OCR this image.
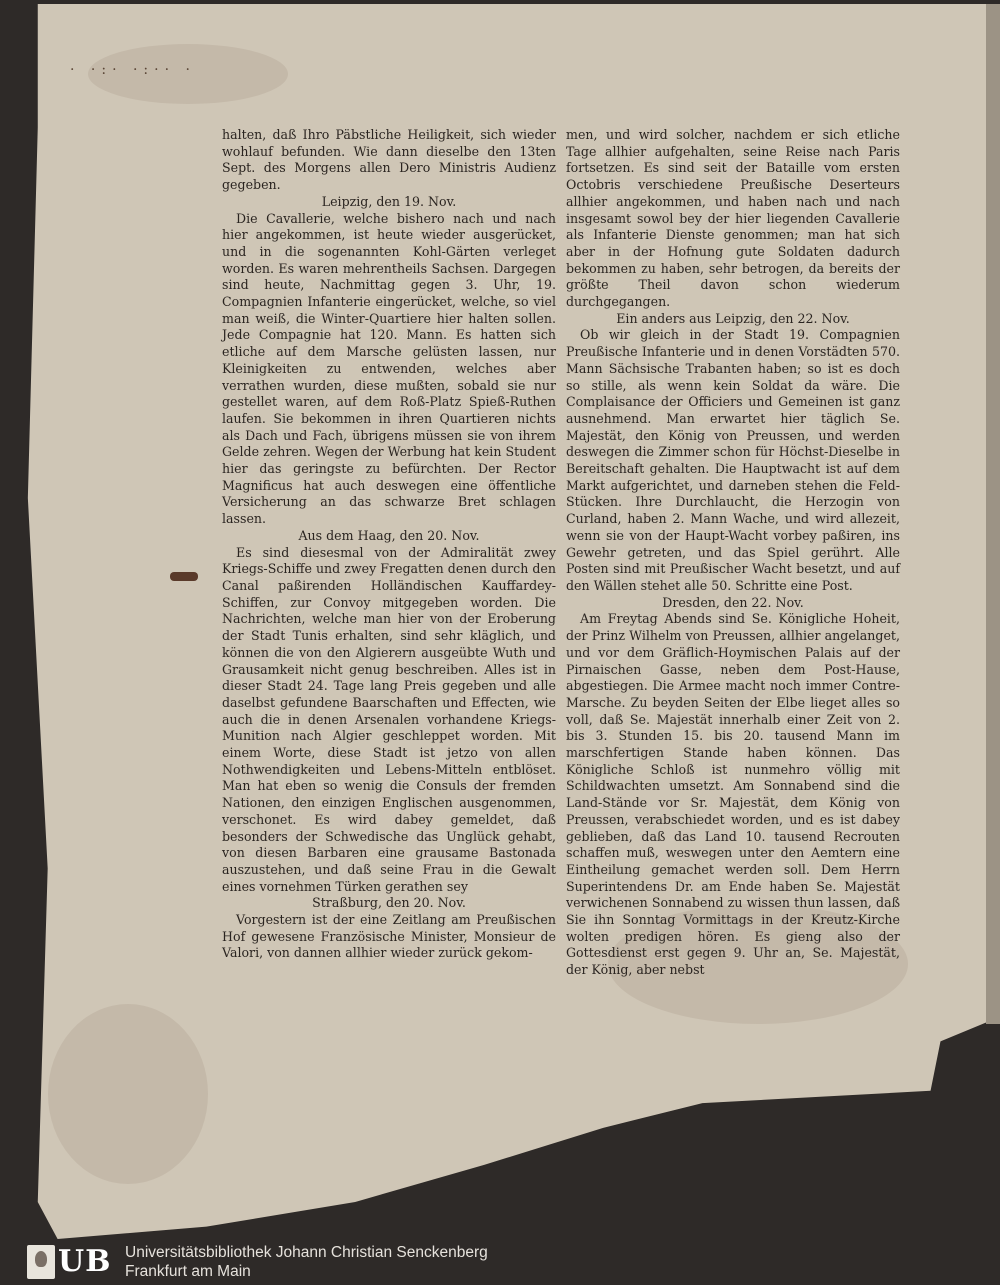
· ·:· ·:·· ·

halten, daß Ihro Päbstliche Heiligkeit, sich wieder wohlauf befunden. Wie dann dieselbe den 13ten Sept. des Morgens allen Dero Ministris Audienz gegeben.

Leipzig, den 19. Nov.

Die Cavallerie, welche bishero nach und nach hier angekommen, ist heute wieder ausgerücket, und in die sogenannten Kohl-Gärten verleget worden. Es waren mehrentheils Sachsen. Dargegen sind heute, Nachmittag gegen 3. Uhr, 19. Compagnien Infanterie eingerücket, welche, so viel man weiß, die Winter-Quartiere hier halten sollen. Jede Compagnie hat 120. Mann. Es hatten sich etliche auf dem Marsche gelüsten lassen, nur Kleinigkeiten zu entwenden, welches aber verrathen wurden, diese mußten, sobald sie nur gestellet waren, auf dem Roß-Platz Spieß-Ruthen laufen. Sie bekommen in ihren Quartieren nichts als Dach und Fach, übrigens müssen sie von ihrem Gelde zehren. Wegen der Werbung hat kein Student hier das geringste zu befürchten. Der Rector Magnificus hat auch deswegen eine öffentliche Versicherung an das schwarze Bret schlagen lassen.

Aus dem Haag, den 20. Nov.

Es sind diesesmal von der Admiralität zwey Kriegs-Schiffe und zwey Fregatten denen durch den Canal paßirenden Holländischen Kauffardey-Schiffen, zur Convoy mitgegeben worden. Die Nachrichten, welche man hier von der Eroberung der Stadt Tunis erhalten, sind sehr kläglich, und können die von den Algierern ausgeübte Wuth und Grausamkeit nicht genug beschreiben. Alles ist in dieser Stadt 24. Tage lang Preis gegeben und alle daselbst gefundene Baarschaften und Effecten, wie auch die in denen Arsenalen vorhandene Kriegs-Munition nach Algier geschleppet worden. Mit einem Worte, diese Stadt ist jetzo von allen Nothwendigkeiten und Lebens-Mitteln entblöset. Man hat eben so wenig die Consuls der fremden Nationen, den einzigen Englischen ausgenommen, verschonet. Es wird dabey gemeldet, daß besonders der Schwedische das Unglück gehabt, von diesen Barbaren eine grausame Bastonada auszustehen, und daß seine Frau in die Gewalt eines vornehmen Türken gerathen sey

Straßburg, den 20. Nov.

Vorgestern ist der eine Zeitlang am Preußischen Hof gewesene Französische Minister, Monsieur de Valori, von dannen allhier wieder zurück gekom-

men, und wird solcher, nachdem er sich etliche Tage allhier aufgehalten, seine Reise nach Paris fortsetzen. Es sind seit der Bataille vom ersten Octobris verschiedene Preußische Deserteurs allhier angekommen, und haben nach und nach insgesamt sowol bey der hier liegenden Cavallerie als Infanterie Dienste genommen; man hat sich aber in der Hofnung gute Soldaten dadurch bekommen zu haben, sehr betrogen, da bereits der größte Theil davon schon wiederum durchgegangen.

Ein anders aus Leipzig, den 22. Nov.

Ob wir gleich in der Stadt 19. Compagnien Preußische Infanterie und in denen Vorstädten 570. Mann Sächsische Trabanten haben; so ist es doch so stille, als wenn kein Soldat da wäre. Die Complaisance der Officiers und Gemeinen ist ganz ausnehmend. Man erwartet hier täglich Se. Majestät, den König von Preussen, und werden deswegen die Zimmer schon für Höchst-Dieselbe in Bereitschaft gehalten. Die Hauptwacht ist auf dem Markt aufgerichtet, und darneben stehen die Feld-Stücken. Ihre Durchlaucht, die Herzogin von Curland, haben 2. Mann Wache, und wird allezeit, wenn sie von der Haupt-Wacht vorbey paßiren, ins Gewehr getreten, und das Spiel gerührt. Alle Posten sind mit Preußischer Wacht besetzt, und auf den Wällen stehet alle 50. Schritte eine Post.

Dresden, den 22. Nov.

Am Freytag Abends sind Se. Königliche Hoheit, der Prinz Wilhelm von Preussen, allhier angelanget, und vor dem Gräflich-Hoymischen Palais auf der Pirnaischen Gasse, neben dem Post-Hause, abgestiegen. Die Armee macht noch immer Contre-Marsche. Zu beyden Seiten der Elbe lieget alles so voll, daß Se. Majestät innerhalb einer Zeit von 2. bis 3. Stunden 15. bis 20. tausend Mann im marschfertigen Stande haben können. Das Königliche Schloß ist nunmehro völlig mit Schildwachten umsetzt. Am Sonnabend sind die Land-Stände vor Sr. Majestät, dem König von Preussen, verabschiedet worden, und es ist dabey geblieben, daß das Land 10. tausend Recrouten schaffen muß, weswegen unter den Aemtern eine Eintheilung gemachet werden soll. Dem Herrn Superintendens Dr. am Ende haben Se. Majestät verwichenen Sonnabend zu wissen thun lassen, daß Sie ihn Sonntag Vormittags in der Kreutz-Kirche wolten predigen hören. Es gieng also der Gottesdienst erst gegen 9. Uhr an, Se. Majestät, der König, aber nebst

UB Universitätsbibliothek Johann Christian Senckenberg
Frankfurt am Main
